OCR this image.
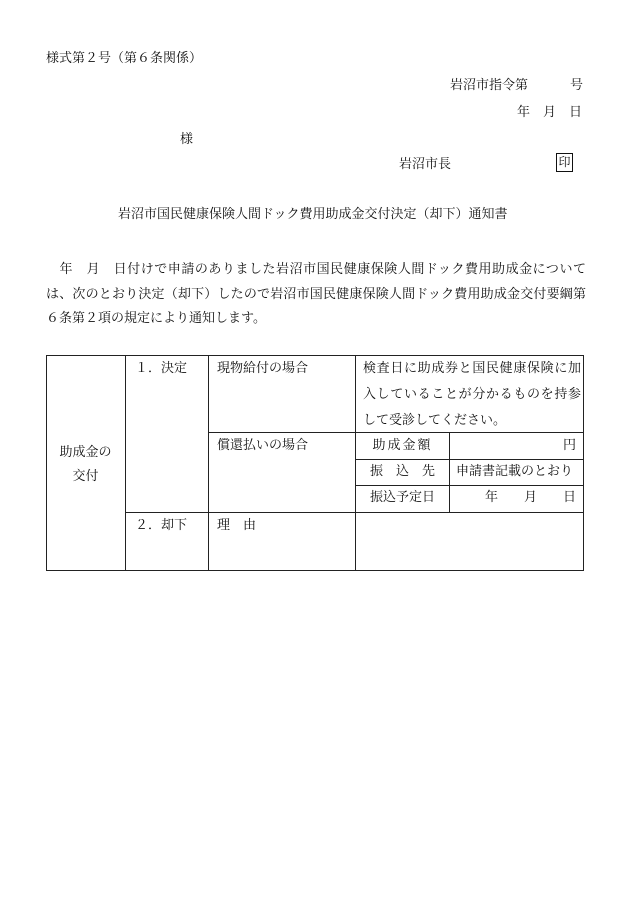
様式第２号（第６条関係）
岩沼市指令第	号
年　月　日
様
岩沼市長	印
岩沼市国民健康保険人間ドック費用助成金交付決定（却下）通知書

　年　月　日付けで申請のありました岩沼市国民健康保険人間ドック費用助成金については、次のとおり決定（却下）したので岩沼市国民健康保険人間ドック費用助成金交付要綱第６条第２項の規定により通知します。

助成金の
交付
１．決定 現物給付の場合	検査日に助成券と国民健康保険に加入していることが分かるものを持参して受診してください。
償還払いの場合	助成金額	円
振　込　先	申請書記載のとおり
振込予定日	年　　月　　日
２．却下 理　由
